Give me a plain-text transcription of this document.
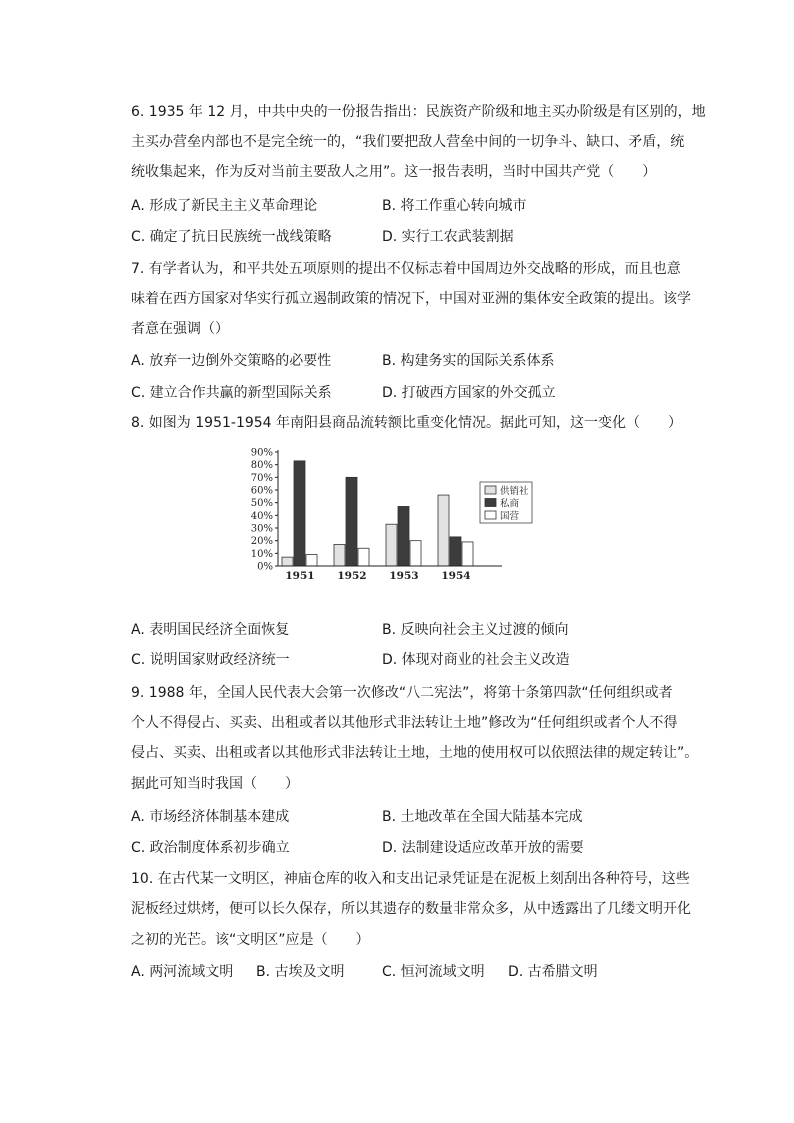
6. 1935 年 12 月，中共中央的一份报告指出：民族资产阶级和地主买办阶级是有区别的，地
主买办营垒内部也不是完全统一的，“我们要把敌人营垒中间的一切争斗、缺口、矛盾，统
统收集起来，作为反对当前主要敌人之用”。这一报告表明，当时中国共产党（　　）
A. 形成了新民主主义革命理论	B. 将工作重心转向城市
C. 确定了抗日民族统一战线策略	D. 实行工农武装割据
7. 有学者认为，和平共处五项原则的提出不仅标志着中国周边外交战略的形成，而且也意
味着在西方国家对华实行孤立遏制政策的情况下，中国对亚洲的集体安全政策的提出。该学
者意在强调（）
A. 放弃一边倒外交策略的必要性	B. 构建务实的国际关系体系
C. 建立合作共赢的新型国际关系	D. 打破西方国家的外交孤立
8. 如图为 1951-1954 年南阳县商品流转额比重变化情况。据此可知，这一变化（　　）
0%
10%
20%
30%
40%
50%
60%
70%
80%
90%
1951 1952 1953 1954
供销社
私商
国营
A. 表明国民经济全面恢复	B. 反映向社会主义过渡的倾向
C. 说明国家财政经济统一	D. 体现对商业的社会主义改造
9. 1988 年，全国人民代表大会第一次修改“八二宪法”，将第十条第四款“任何组织或者
个人不得侵占、买卖、出租或者以其他形式非法转让土地”修改为“任何组织或者个人不得
侵占、买卖、出租或者以其他形式非法转让土地，土地的使用权可以依照法律的规定转让”。
据此可知当时我国（　　）
A. 市场经济体制基本建成	B. 土地改革在全国大陆基本完成
C. 政治制度体系初步确立	D. 法制建设适应改革开放的需要
10. 在古代某一文明区，神庙仓库的收入和支出记录凭证是在泥板上刻刮出各种符号，这些
泥板经过烘烤，便可以长久保存，所以其遗存的数量非常众多，从中透露出了几缕文明开化
之初的光芒。该“文明区”应是（　　）
A. 两河流域文明 B. 古埃及文明	C. 恒河流域文明 D. 古希腊文明
